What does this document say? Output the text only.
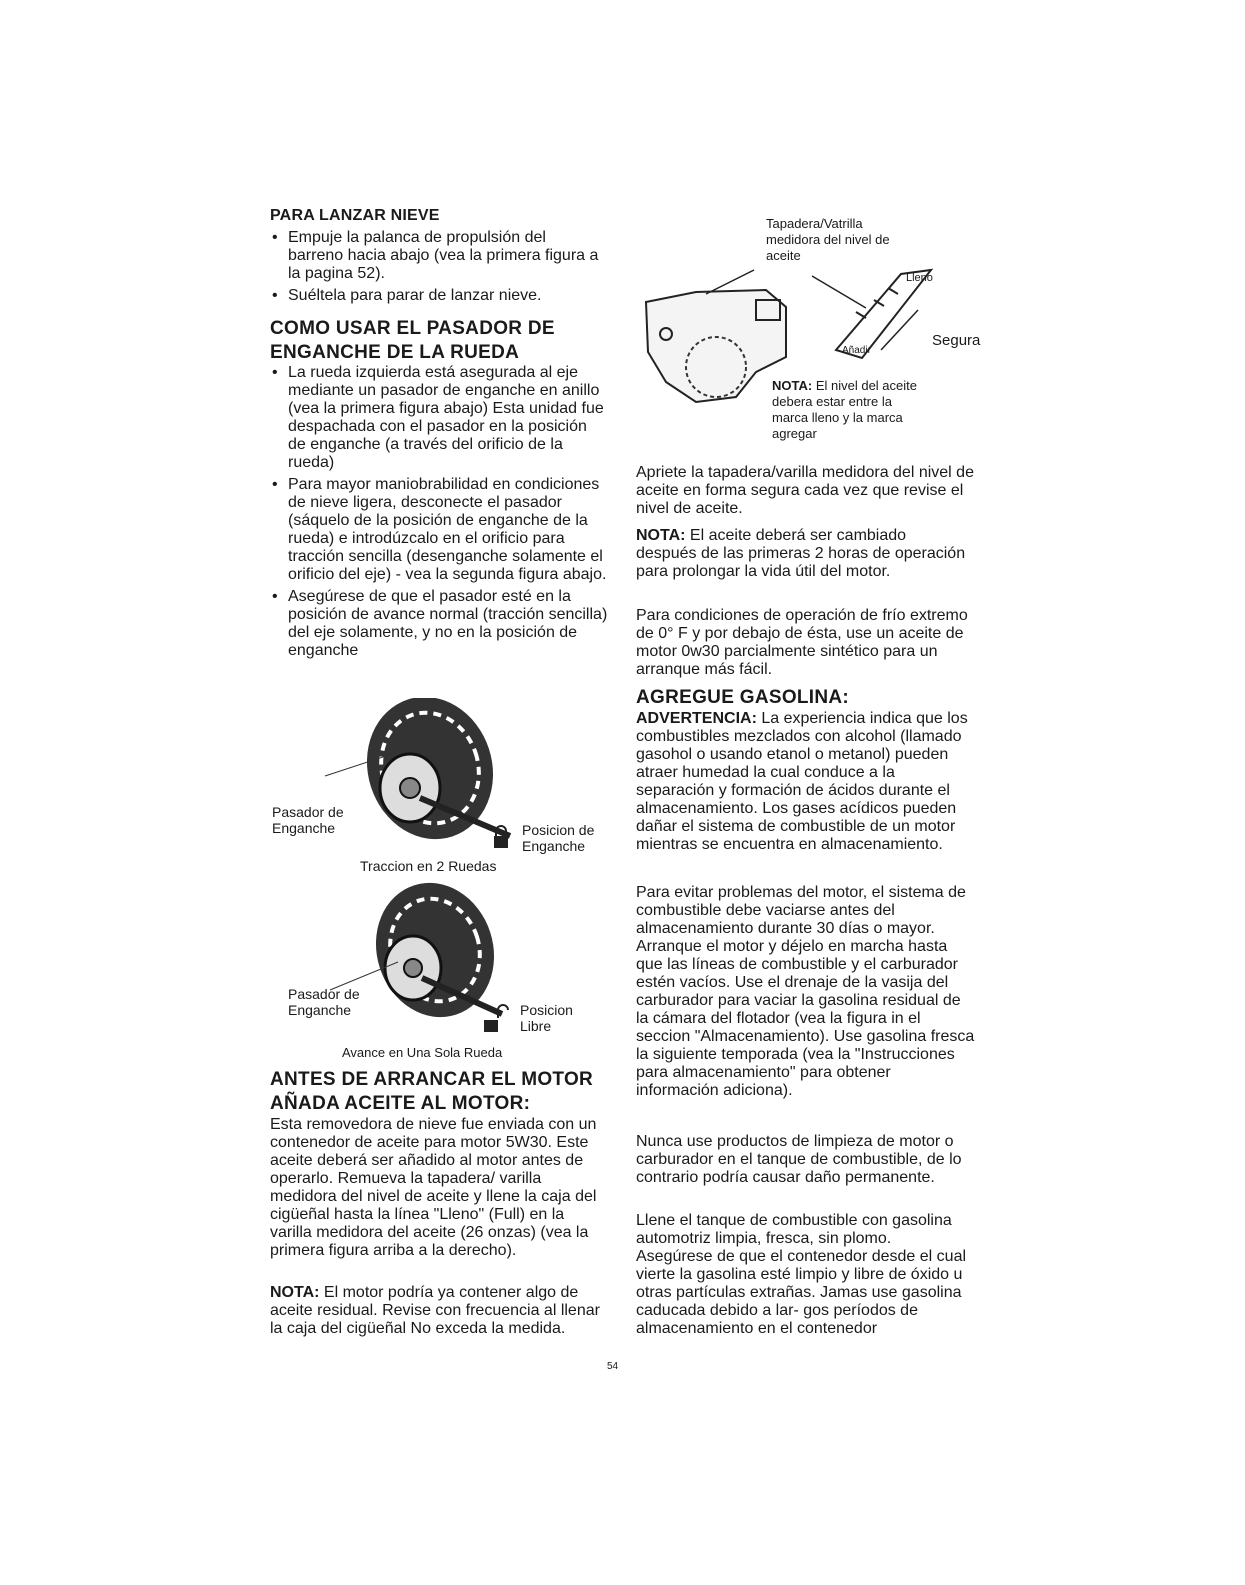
PARA LANZAR NIEVE
• Empuje la palanca de propulsión del barreno hacia abajo (vea la primera figura a la pagina 52).
• Suéltela para parar de lanzar nieve.
COMO USAR EL PASADOR DE
ENGANCHE DE LA RUEDA
• La rueda izquierda está asegurada al eje mediante un pasador de enganche en anillo (vea la primera figura abajo) Esta unidad fue despachada con el pasador en la posición de enganche (a través del orificio de la rueda)
• Para mayor maniobrabilidad en condiciones de nieve ligera, desconecte el pasador (sáquelo de la posición de enganche de la rueda) e introdúzcalo en el orificio para tracción sencilla (desenganche solamente el orificio del eje) - vea la segunda figura abajo.
• Asegúrese de que el pasador esté en la posición de avance normal (tracción sencilla) del eje solamente, y no en la posición de enganche
Pasador de
Enganche	Posicion de
Enganche
Traccion en 2 Ruedas
Pasador de
Enganche	Posicion
Libre
Avance en Una Sola Rueda
ANTES DE ARRANCAR EL MOTOR
AÑADA ACEITE AL MOTOR:

Esta removedora de nieve fue enviada con un contenedor de aceite para motor 5W30. Este aceite deberá ser añadido al motor antes de operarlo. Remueva la tapadera/ varilla medidora del nivel de aceite y llene la caja del cigüeñal hasta la línea "Lleno" (Full) en la varilla medidora del aceite (26 onzas) (vea la primera figura arriba a la derecho).

NOTA: El motor podría ya contener algo de aceite residual. Revise con frecuencia al llenar la caja del cigüeñal No exceda la medida.

Tapadera/Vatrilla
medidora del nivel de
aceite
Lleno
Segura
Añadir
NOTA: El nivel del aceite
debera estar entre la
marca lleno y la marca
agregar

Apriete la tapadera/varilla medidora del nivel de aceite en forma segura cada vez que revise el nivel de aceite.

NOTA: El aceite deberá ser cambiado después de las primeras 2 horas de operación para prolongar la vida útil del motor.

Para condiciones de operación de frío extremo de 0° F y por debajo de ésta, use un aceite de motor 0w30 parcialmente sintético para un arranque más fácil.

AGREGUE GASOLINA:

ADVERTENCIA: La experiencia indica que los combustibles mezclados con alcohol (llamado gasohol o usando etanol o metanol) pueden atraer humedad la cual conduce a la separación y formación de ácidos durante el almacenamiento. Los gases acídicos pueden dañar el sistema de combustible de un motor mientras se encuentra en almacenamiento.

Para evitar problemas del motor, el sistema de combustible debe vaciarse antes del almacenamiento durante 30 días o mayor. Arranque el motor y déjelo en marcha hasta que las líneas de combustible y el carburador estén vacíos. Use el drenaje de la vasija del carburador para vaciar la gasolina residual de la cámara del flotador (vea la figura in el seccion "Almacenamiento). Use gasolina fresca la siguiente temporada (vea la "Instrucciones para almacenamiento" para obtener información adiciona).

Nunca use productos de limpieza de motor o carburador en el tanque de combustible, de lo contrario podría causar daño permanente.

Llene el tanque de combustible con gasolina automotriz limpia, fresca, sin plomo. Asegúrese de que el contenedor desde el cual vierte la gasolina esté limpio y libre de óxido u otras partículas extrañas. Jamas use gasolina caducada debido a lar- gos períodos de almacenamiento en el contenedor

54
